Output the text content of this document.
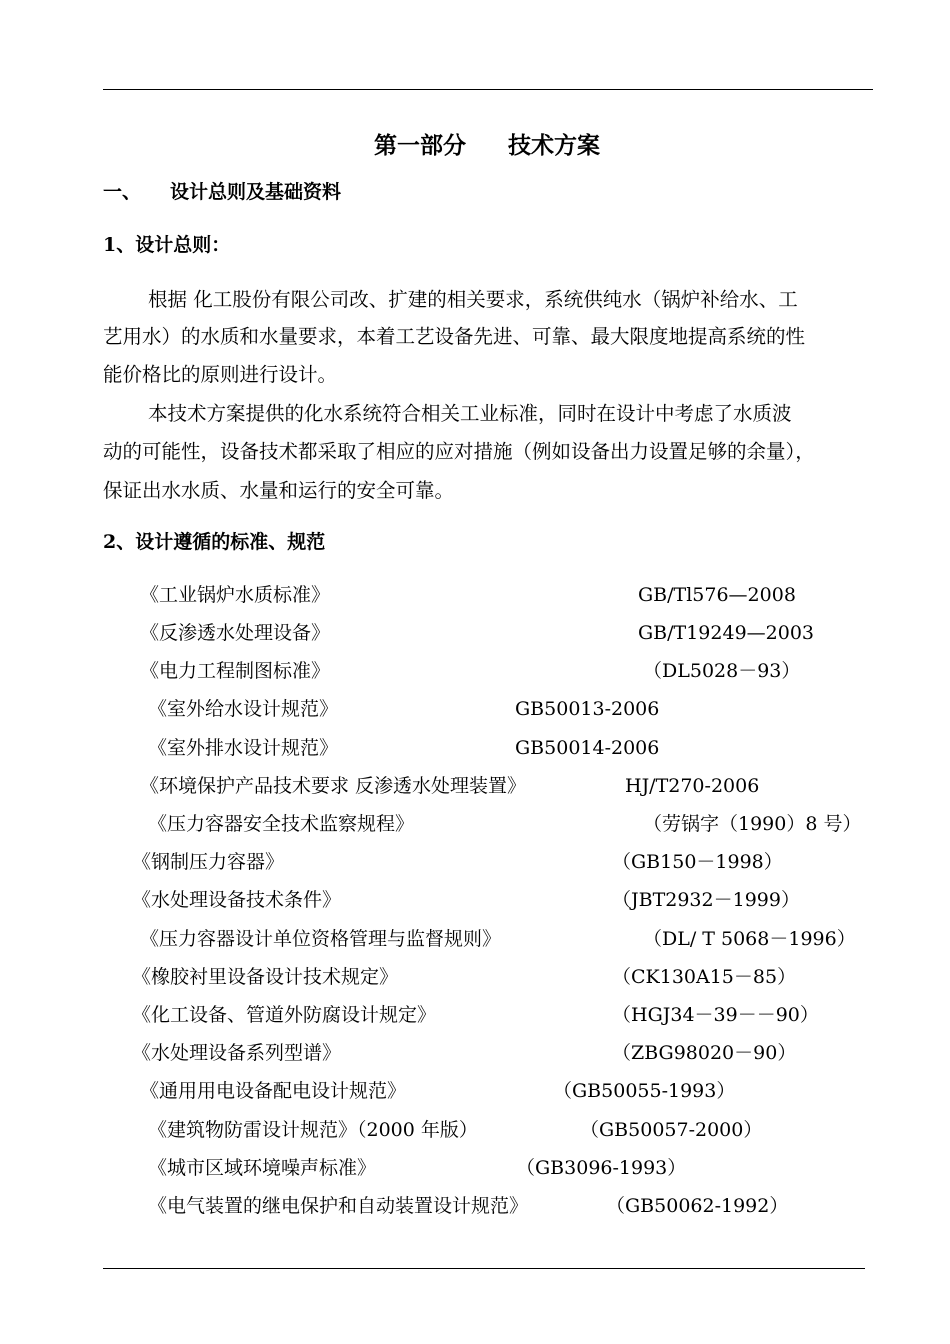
第一部分 技术方案
一、 设计总则及基础资料
1、设计总则：
根据 化工股份有限公司改、扩建的相关要求，系统供纯水（锅炉补给水、工
艺用水）的水质和水量要求，本着工艺设备先进、可靠、最大限度地提高系统的性
能价格比的原则进行设计。
本技术方案提供的化水系统符合相关工业标准，同时在设计中考虑了水质波
动的可能性，设备技术都采取了相应的应对措施（例如设备出力设置足够的余量），
保证出水水质、水量和运行的安全可靠。
2、设计遵循的标准、规范
《工业锅炉水质标准》	GB/Tl576—2008
《反渗透水处理设备》	GB/T19249—2003
《电力工程制图标准》	（DL5028－93）
《室外给水设计规范》	GB50013-2006
《室外排水设计规范》	GB50014-2006
《环境保护产品技术要求 反渗透水处理装置》	HJ/T270-2006
《压力容器安全技术监察规程》	（劳锅字（1990）8 号）
《钢制压力容器》	（GB150－1998）
《水处理设备技术条件》	（JBT2932－1999）
《压力容器设计单位资格管理与监督规则》	（DL/ T 5068－1996）
《橡胶衬里设备设计技术规定》	（CK130A15－85）
《化工设备、管道外防腐设计规定》	（HGJ34－39－－90）
《水处理设备系列型谱》	（ZBG98020－90）
《通用用电设备配电设计规范》	（GB50055-1993）
《建筑物防雷设计规范》（2000 年版）	（GB50057-2000）
《城市区域环境噪声标准》	（GB3096-1993）
《电气装置的继电保护和自动装置设计规范》	（GB50062-1992）
